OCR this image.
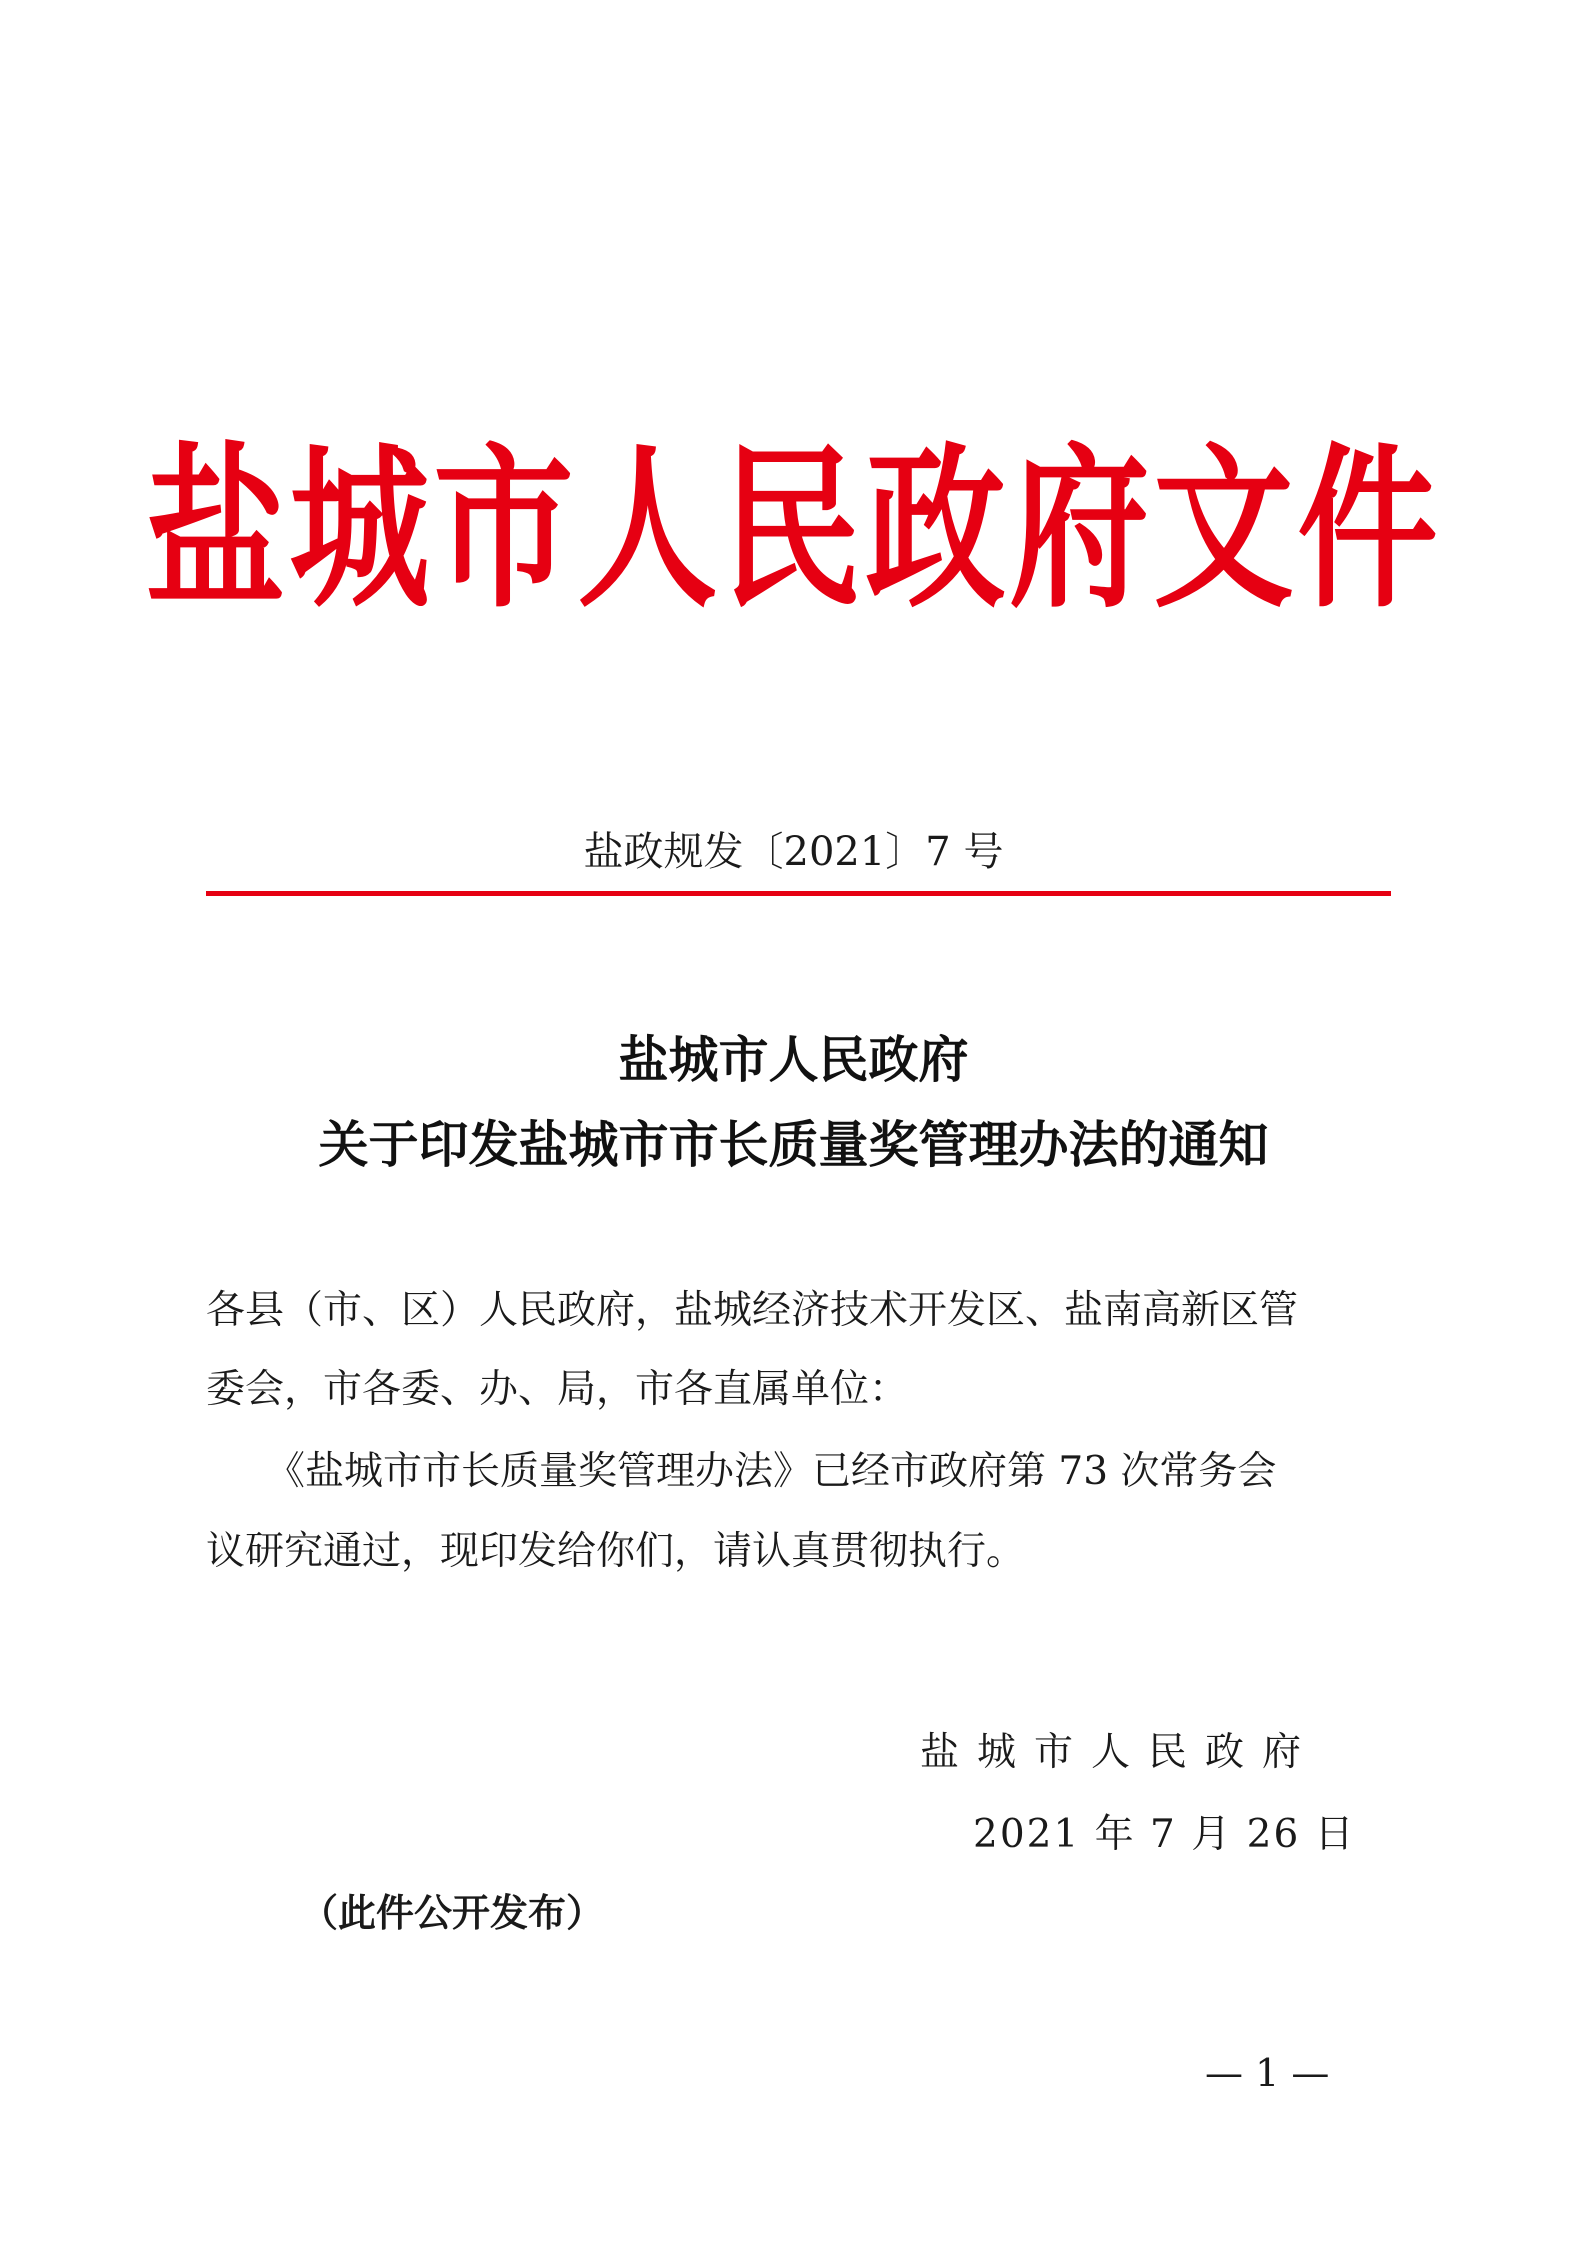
盐城市人民政府文件
盐政规发〔2021〕7 号
盐城市人民政府
关于印发盐城市市长质量奖管理办法的通知
各县（市、区）人民政府，盐城经济技术开发区、盐南高新区管
委会，市各委、办、局，市各直属单位：
《盐城市市长质量奖管理办法》已经市政府第 73 次常务会
议研究通过，现印发给你们，请认真贯彻执行。
盐城市人民政府
2021 年 7 月 26 日
（此件公开发布）
— 1 —
